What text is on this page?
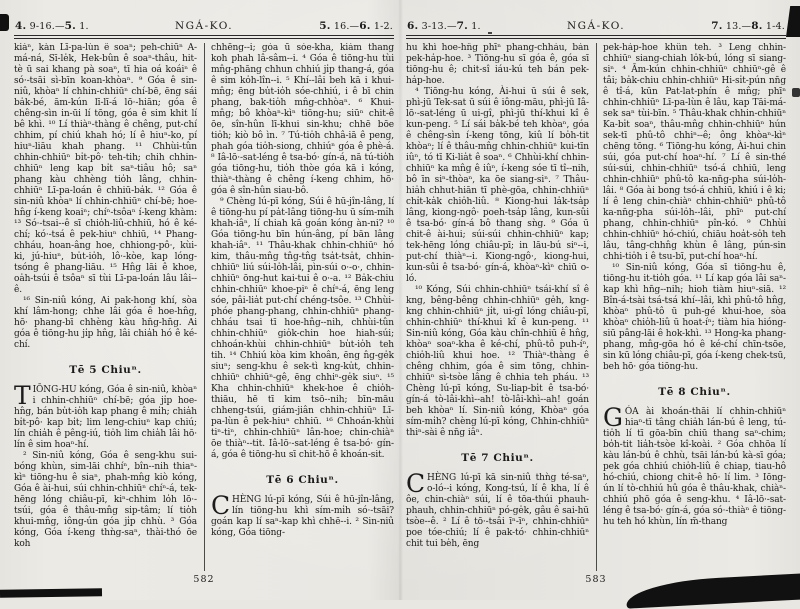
4. 9-16.—5. 1.	NGÁ-KO.	5. 16.—6. 1-2.

kiáⁿ, kàn Lī-pa-lùn ê soaⁿ; peh-chiūⁿ A-má-ná, Sī-le̍k, Hek-bûn ê soaⁿ-thâu, hit-tè ū sai khang pà soaⁿ, tī hia oá koáiⁿ ê só·-tsāi sì-bīn koan-khòaⁿ. ⁹ Góa ê sin-niû, khòaⁿ lí chhin-chhiūⁿ chí-bē, ēng sái ba̍k-bé, ām-kún lī-lī-á lō·-hiān; góa ê chêng-sìn in-ūi lí tōng, góa ê sim khit lí bê khì. ¹⁰ Lí thiàⁿ-thàng ê chêng, put-chí chhim, pí chiú khah hó; lí ê hiuⁿ-ko, pí hiuⁿ-liāu khah phang. ¹¹ Chhùi-tûn chhin-chhiūⁿ bi̍t-pô· teh-tih; chih chhin-chhiūⁿ leng kap bi̍t saⁿ-tiâu hô; saⁿ phang kàu chhèng tio̍h lâng, chhin-chhiūⁿ Lī-pa-loán ê chhiū-ba̍k. ¹² Góa ê sin-niû khòaⁿ lí chhin-chhiūⁿ chí-bē; hoe-hn̂g í-keng koaiⁿ; chíⁿ-tsôaⁿ í-keng khàm: ¹³ Só·-tsai--ê sī chio̍h-liû-chhiū, hó ê ké-chí; kó·-tsá ê pek-hiuⁿ chhiū, ¹⁴ Phang-chháu, hoan-âng hoe, chhiong-pô·, kùi-ki, jú-hiuⁿ, bu̍t-io̍h, lô·-kòe, kap lóng-tsóng ê phang-liāu. ¹⁵ Hn̂g lāi ê khoe, oa̍h-tsúi ê tsôaⁿ sī tùi Lī-pa-loán lâu lâi--ê.

¹⁶ Sin-niû kóng, Ai pak-hong khí, sòa khí lâm-hong; chhe lâi góa ê hoe-hn̂g, hō· phang-bī chhèng kàu hn̄g-hn̄g. Ai góa ê tiōng-hu ji̍p hn̂g, lâi chia̍h hó ê ké-chí.

Tē 5 Chiuⁿ.

TIŌNG-HU kóng, Góa ê sin-niû, khòaⁿ i chhin-chhiūⁿ chí-bē; góa ji̍p hoe-hn̂g, bán bu̍t-io̍h kap phang ê mi̍h; chia̍h bi̍t-pô· kap bi̍t; lim leng-chiuⁿ kap chiú; lín chia̍h ê pêng-iú, tio̍h lim chia̍h lâi hō· lín ê sim hoaⁿ-hí.

² Sin-niû kóng, Góa ê seng-khu sui-bóng khùn, sim-lāi chhíⁿ, bîn--nih thiaⁿ-kìⁿ tiōng-hu ê siaⁿ, phah-mn̂g kiò kóng, Góa ê ài-hui, súi chhin-chhiūⁿ chíⁿ-á, tek-hēng lóng chiâu-pī, kiⁿ-chhim lo̍h lō·-tsúi, góa ê thâu-mn̂g sip-tâm; lí tio̍h khui-mn̂g, iông-ún góa ji̍p chhù. ³ Góa kóng, Góa í-keng thǹg-saⁿ, thài-thó ōe koh

chhēng--i; góa ū sóe-kha, kiám thang koh phah lâ-sâm--i. ⁴ Góa ê tiōng-hu tùi mn̂g-phāng chhun chhiú ji̍p thang-á, góa ê sim ko̍h-lîn--i. ⁵ Khí--lâi beh kā i khui-mn̂g; ēng bu̍t-io̍h sóe-chhiú, i ê bī chin phang, bak-tio̍h mn̂g-chhòaⁿ. ⁶ Khui-mn̂g; bô khòaⁿ-kìⁿ tiōng-hu; siūⁿ chit-ê ōe, sîn-hûn lī-khui sin-khu; chhē bōe tio̍h; kiò bô ìn. ⁷ Tú-tio̍h chhâ-iā ê peng, phah góa tio̍h-siong, chhiúⁿ góa ê phè-á. ⁸ Iâ-lō·-sat-léng ê tsa-bó· gín-á, nā tú-tio̍h góa tiōng-hu, tio̍h thòe góa kā i kóng, thiàⁿ-thàng ê chêng í-keng chhim, hō· góa ê sîn-hûn siau-bô.

⁹ Chèng lú-pī kóng, Súi ê hū-jîn-lâng, lí ê tiōng-hu pí pa̍t-lâng tiōng-hu ū sím-mi̍h khah-iâⁿ, lí chiah kā goán kóng àn-ni? ¹⁰ Góa tiōng-hu bīn hún-âng, pí bān lâng khah-iâⁿ. ¹¹ Thâu-khak chhin-chhiūⁿ hó kim, thâu-mn̂g tn̂g-tn̂g tsa̍t-tsa̍t, chhin-chhiūⁿ liú súi-lo̍h-lâi, pìn-súi o·-o·, chhin-chhiūⁿ ōng-hut kai-tui ê o·-a. ¹² Ba̍k-chiu chhin-chhiūⁿ khoe-piⁿ ê chíⁿ-á, ēng leng sóe, pâi-lia̍t put-chí chéng-tsôe. ¹³ Chhùi-phóe phang-phang, chhin-chhiūⁿ phang-chháu tsai tī hoe-hn̂g--nih, chhùi-tûn chhin-chhiūⁿ gio̍k-chin hoe hiah-súi; chhoán-khùi chhin-chhiūⁿ bu̍t-io̍h teh tih. ¹⁴ Chhiú kòa kim khoân, ēng n̂g-ge̍k siuⁿ; seng-khu ê sek-tì kng-ku̍t, chhin-chhiūⁿ chhiūⁿ-gê, ēng chhiⁿ-ge̍k siuⁿ. ¹⁵ Kha chhin-chhiūⁿ khek-hoe ê chio̍h-thiāu, hē tī kim tsō--nih; bīn-māu chheng-tsúi, giám-jiân chhin-chhiūⁿ Lī-pa-lùn ê pek-hiuⁿ chhiū. ¹⁶ Chhoán-khùi tiⁿ-tiⁿ, chhin-chhiūⁿ lân-hoe; chin-chiàⁿ ōe thiàⁿ--tit. Iâ-lō·-sat-léng ê tsa-bó· gín-á, góa ê tiōng-hu sī chit-hō ê khoán-sit.

Tē 6 Chiuⁿ.

CHÈNG lú-pī kóng, Súi ê hū-jîn-lâng, lín tiōng-hu khì sím-mi̍h só·-tsāi? goán kap lí saⁿ-kap khì chhē--i. ² Sin-niû kóng, Góa tiōng-

582
6. 3-13.—7. 1.	NGÁ-KO.	7. 13.—8. 1-4.

hu khì hoe-hn̂g phīⁿ phang-chháu, bán pek-ha̍p-hoe. ³ Tiōng-hu sī góa ê, góa sī tiōng-hu ê; chit-sî iáu-kú teh bán pek-ha̍p-hoe.

⁴ Tiōng-hu kóng, Ài-hui ū súi ê sek, phì-jū Tek-sat ū súi ê iông-māu, phì-jū Iâ-lō·-sat-léng ū ui-gî, phì-jū thí-khui kî ê kun-peng. ⁵ Lí sái ba̍k-bé teh khòaⁿ, góa ê chêng-sìn í-keng tōng, kiû lí bo̍h-tit khòaⁿ; lí ê thâu-mn̂g chhin-chhiūⁿ kui-tīn iûⁿ, tó tī Ki-lia̍t ê soaⁿ. ⁶ Chhùi-khí chhin-chhiūⁿ ka mn̂g ê iûⁿ, í-keng sóe tī tî--nih, bô īn siⁿ-thòaⁿ, ka ōe siang-siⁿ. ⁷ Thâu-hia̍h chhut-hiān tī phè-gōa, chhin-chhiūⁿ chi̍t-ka̍k chio̍h-liû. ⁸ Kiong-hui la̍k-tsa̍p lâng, kiong-ngô· poeh-tsa̍p lâng, kun-sûi ê tsa-bó· gín-á bô thang sǹg. ⁹ Góa ū chit-ê ài-hui; súi-súi chhin-chhiūⁿ kap; tek-hēng lóng chiâu-pī; in lāu-bú siⁿ--i, put-chí thiàⁿ--i. Kiong-ngô·, kiong-hui, kun-sûi ê tsa-bó· gín-á, khòaⁿ-kìⁿ chiū o-ló.

¹⁰ Kóng, Súi chhin-chhiūⁿ tsái-khí sî ê kng, bêng-bêng chhin-chhiūⁿ ge̍h, kng-kng chhin-chhiūⁿ ji̍t, ui-gî lóng chiâu-pī, chhin-chhiūⁿ thí-khui kî ê kun-peng. ¹¹ Sin-niû kóng, Góa kàu chîn-chhiū ê hn̂g, khòaⁿ soaⁿ-kha ê ké-chí, phû-tô puh-íⁿ, chio̍h-liû khui hoe. ¹² Thiàⁿ-thàng ê chêng chhim, góa ê sim tōng, chhin-chhiūⁿ sì-tsòe lâng ê chhia teh pháu. ¹³ Chèng lú-pī kóng, Su-liap-bi̍t ê tsa-bó· gín-á tò-lâi-khì--ah! tò-lâi-khì--ah! goán beh khòaⁿ lí. Sin-niû kóng, Khòaⁿ góa sím-mi̍h? chèng lú-pī kóng, Chhin-chhiūⁿ thiⁿ-sài ê nn̄g iâⁿ.

Tē 7 Chiuⁿ.

CHÈNG lú-pī kā sin-niû thǹg té-saⁿ, o-ló--i kóng, Kong-tsú, lí ê kha, lí ê ôe, chin-chiàⁿ súi, lí ê tōa-thúi phauh-phauh, chhin-chhiūⁿ pó-ge̍k, gâu ê sai-hū tsòe--ê. ² Lí ê tō·-tsâi īⁿ-īⁿ, chhin-chhiūⁿ poe tóe-chiú; lí ê pak-tó· chhin-chhiūⁿ chit tui be̍h, ēng

pek-ha̍p-hoe khûn teh. ³ Leng chhin-chhiūⁿ siang-chiah lo̍k-bú, lóng sī siang-siⁿ. ⁴ Ām-kún chhin-chhiūⁿ chhiūⁿ-gê ê tâi; ba̍k-chiu chhin-chhiūⁿ Hi-si̍t-pún nn̄g ê tî-á, kūn Pat-lat-phín ê mn̂g; phīⁿ chhin-chhiūⁿ Lī-pa-lùn ê lâu, kap Tāi-má-sek saⁿ tùi-bīn. ⁵ Thâu-khak chhin-chhiūⁿ Ka-bi̍t soaⁿ, thâu-mn̂g chhin-chhiūⁿ hún sek-tī phû-tô chhiⁿ--ê; ông khòaⁿ-kìⁿ chēng tōng. ⁶ Tiōng-hu kóng, Ài-hui chin súi, góa put-chí hoaⁿ-hí. ⁷ Lí ê sin-thé súi-súi, chhin-chhiūⁿ tsó-á chhiū, leng chhin-chhiūⁿ phû-tô ka-nn̄g-pha súi-lo̍h-lâi. ⁸ Góa ài bong tsó-á chhiū, khiú i ê ki; lí ê leng chin-chiàⁿ chhin-chhiūⁿ phû-tô ka-nn̄g-pha súi-lo̍h--lâi, phīⁿ put-chí phang, chhin-chhiūⁿ pîn-kó. ⁹ Chhùi chhin-chhiūⁿ hó-chiú, chiāu hoa̍t-so̍h teh lâu, tâng-chhn̂g khùn ê lâng, pún-sin chhi-tio̍h i ê tsu-bī, put-chí hoaⁿ-hí.

¹⁰ Sin-niû kóng, Góa sī tiōng-hu ê, tiōng-hu it-tio̍h góa. ¹¹ Lí kap góa lâi saⁿ-kap khì hn̄g--nih; hioh tiàm hiuⁿ-siā. ¹² Bîn-á-tsài tsá-tsá khí--lâi, khì phû-tô hn̂g, khòaⁿ phû-tô ū puh-gé khui-hoe, sòa khòaⁿ chio̍h-liû ū hoat-íⁿ; tiàm hia hióng-siū pâng-lāi ê hok-khì. ¹³ Hong-ka phang-phang, mn̂g-gōa hó ê ké-chí chīn-tsōe, sin kū lóng chiâu-pī, góa í-keng chek-tsū, beh hō· góa tiōng-hu.

Tē 8 Chiuⁿ.

GÓA ài khoán-thāi lí chhin-chhiūⁿ hiaⁿ-tī tâng chia̍h lán-bú ê leng, tú-tio̍h lí tī gōa-bīn chiū thang saⁿ-chim; bo̍h-tit lia̍h-tsòe kî-koài. ² Góa chhōa lí kàu lán-bú ê chhù, tsāi lán-bú kà-sī góa; pek góa chhiú chio̍h-liû ê chiap, tiau-hô hó-chiú, chiong chit-ê hō· lí lim. ³ Iōng-ún lí tò-chhiú hû góa ê thâu-khak, chiàⁿ-chhiú phō góa ê seng-khu. ⁴ Iâ-lō·-sat-léng ê tsa-bó· gín-á, góa só·-thiàⁿ ê tiōng-hu teh hó khùn, lín m̄-thang

583
